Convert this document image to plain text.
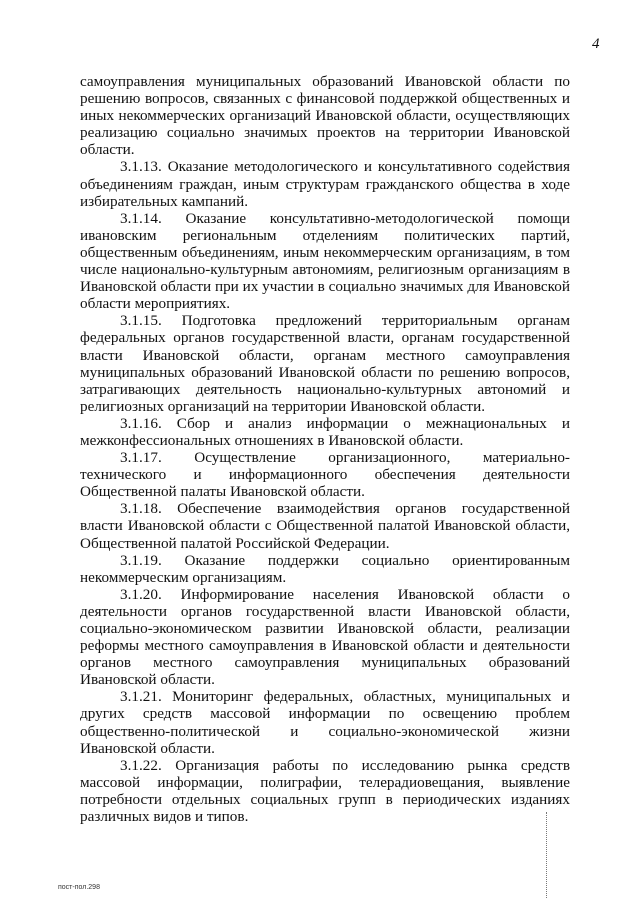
4

самоуправления муниципальных образований Ивановской области по решению вопросов, связанных с финансовой поддержкой общественных и иных некоммерческих организаций Ивановской области, осуществляющих реализацию социально значимых проектов на территории Ивановской области.

3.1.13. Оказание методологического и консультативного содействия объединениям граждан, иным структурам гражданского общества в ходе избирательных кампаний.

3.1.14. Оказание консультативно-методологической помощи ивановским региональным отделениям политических партий, общественным объединениям, иным некоммерческим организациям, в том числе национально-культурным автономиям, религиозным организациям в Ивановской области при их участии в социально значимых для Ивановской области мероприятиях.

3.1.15. Подготовка предложений территориальным органам федеральных органов государственной власти, органам государственной власти Ивановской области, органам местного самоуправления муниципальных образований Ивановской области по решению вопросов, затрагивающих деятельность национально-культурных автономий и религиозных организаций на территории Ивановской области.

3.1.16. Сбор и анализ информации о межнациональных и межконфессиональных отношениях в Ивановской области.

3.1.17. Осуществление организационного, материально-технического и информационного обеспечения деятельности Общественной палаты Ивановской области.

3.1.18. Обеспечение взаимодействия органов государственной власти Ивановской области с Общественной палатой Ивановской области, Общественной палатой Российской Федерации.

3.1.19. Оказание поддержки социально ориентированным некоммерческим организациям.

3.1.20. Информирование населения Ивановской области о деятельности органов государственной власти Ивановской области, социально-экономическом развитии Ивановской области, реализации реформы местного самоуправления в Ивановской области и деятельности органов местного самоуправления муниципальных образований Ивановской области.

3.1.21. Мониторинг федеральных, областных, муниципальных и других средств массовой информации по освещению проблем общественно-политической и социально-экономической жизни Ивановской области.

3.1.22. Организация работы по исследованию рынка средств массовой информации, полиграфии, телерадиовещания, выявление потребности отдельных социальных групп в периодических изданиях различных видов и типов.

пост-пол.298
